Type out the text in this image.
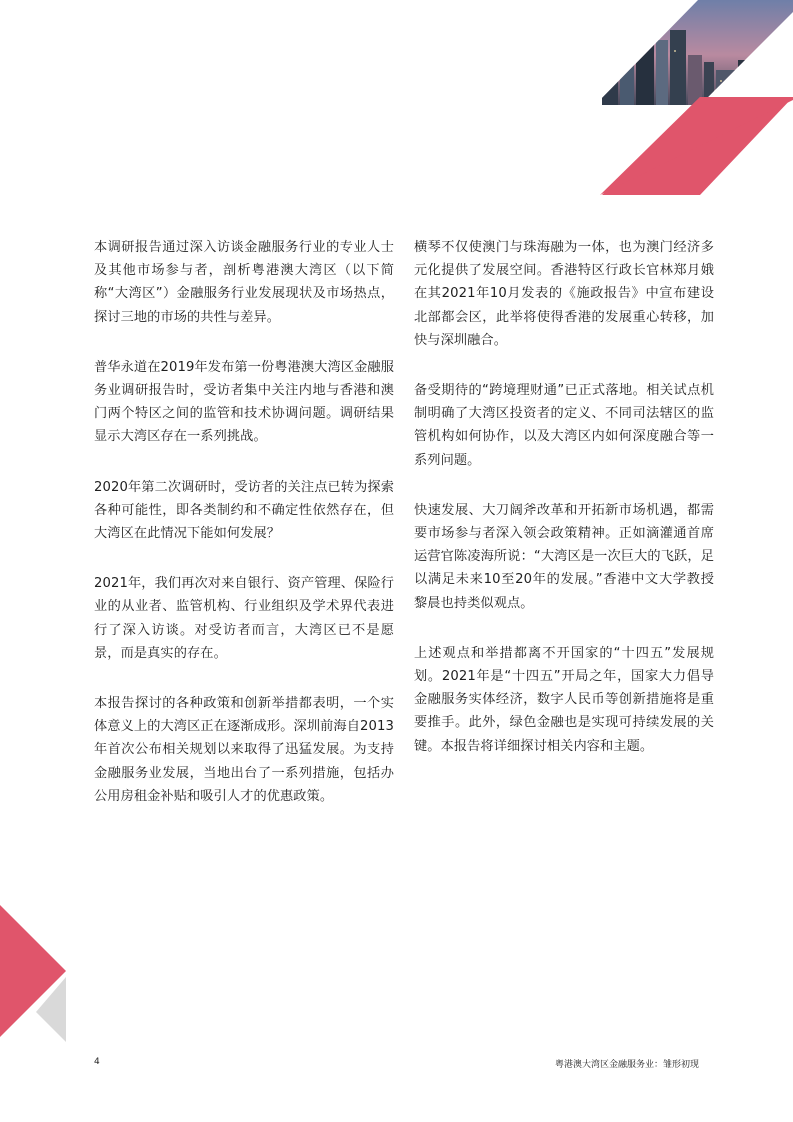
本调研报告通过深入访谈金融服务行业的专业人士及其他市场参与者，剖析粤港澳大湾区（以下简称“大湾区”）金融服务行业发展现状及市场热点，探讨三地的市场的共性与差异。

普华永道在2019年发布第一份粤港澳大湾区金融服务业调研报告时，受访者集中关注内地与香港和澳门两个特区之间的监管和技术协调问题。调研结果显示大湾区存在一系列挑战。

2020年第二次调研时，受访者的关注点已转为探索各种可能性，即各类制约和不确定性依然存在，但大湾区在此情况下能如何发展？

2021年，我们再次对来自银行、资产管理、保险行业的从业者、监管机构、行业组织及学术界代表进行了深入访谈。对受访者而言，大湾区已不是愿景，而是真实的存在。

本报告探讨的各种政策和创新举措都表明，一个实体意义上的大湾区正在逐渐成形。深圳前海自2013年首次公布相关规划以来取得了迅猛发展。为支持金融服务业发展，当地出台了一系列措施，包括办公用房租金补贴和吸引人才的优惠政策。

横琴不仅使澳门与珠海融为一体，也为澳门经济多元化提供了发展空间。香港特区行政长官林郑月娥在其2021年10月发表的《施政报告》中宣布建设北部都会区，此举将使得香港的发展重心转移，加快与深圳融合。

备受期待的“跨境理财通”已正式落地。相关试点机制明确了大湾区投资者的定义、不同司法辖区的监管机构如何协作，以及大湾区内如何深度融合等一系列问题。

快速发展、大刀阔斧改革和开拓新市场机遇，都需要市场参与者深入领会政策精神。正如滴灌通首席运营官陈凌海所说：“大湾区是一次巨大的飞跃，足以满足未来10至20年的发展。”香港中文大学教授黎晨也持类似观点。

上述观点和举措都离不开国家的“十四五”发展规划。2021年是“十四五”开局之年，国家大力倡导金融服务实体经济，数字人民币等创新措施将是重要推手。此外，绿色金融也是实现可持续发展的关键。本报告将详细探讨相关内容和主题。

4	粤港澳大湾区金融服务业：雏形初现
